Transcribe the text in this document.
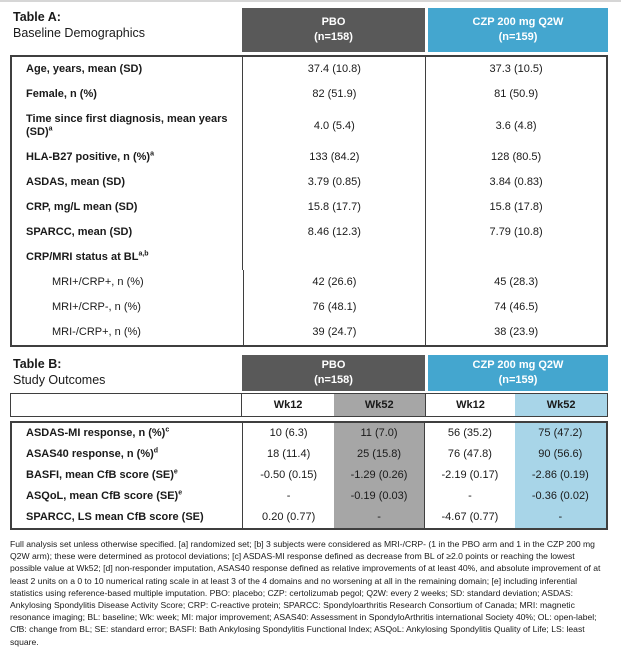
Table A:
Baseline Demographics
PBO
(n=158)
CZP 200 mg Q2W
(n=159)
Age, years, mean (SD)	37.4 (10.8)	37.3 (10.5)
Female, n (%)	82 (51.9)	81 (50.9)
Time since first diagnosis, mean years (SD)$^a$	4.0 (5.4)	3.6 (4.8)
HLA-B27 positive, n (%)$^a$	133 (84.2)	128 (80.5)
ASDAS, mean (SD)	3.79 (0.85)	3.84 (0.83)
CRP, mg/L mean (SD)	15.8 (17.7)	15.8 (17.8)
SPARCC, mean (SD)	8.46 (12.3)	7.79 (10.8)
CRP/MRI status at BL$^{a,b}$
MRI+/CRP+, n (%)	42 (26.6)	45 (28.3)
MRI+/CRP-, n (%)	76 (48.1)	74 (46.5)
MRI-/CRP+, n (%)	39 (24.7)	38 (23.9)
Table B:
Study Outcomes
PBO
(n=158)
CZP 200 mg Q2W
(n=159)
Wk12	Wk52	Wk12	Wk52
ASDAS-MI response, n (%)$^c$	10 (6.3)	11 (7.0)	56 (35.2)	75 (47.2)
ASAS40 response, n (%)$^d$	18 (11.4)	25 (15.8)	76 (47.8)	90 (56.6)
BASFI, mean CfB score (SE)$^e$	-0.50 (0.15)	-1.29 (0.26)	-2.19 (0.17)	-2.86 (0.19)
ASQoL, mean CfB score (SE)$^e$	-	-0.19 (0.03)	-	-0.36 (0.02)
SPARCC, LS mean CfB score (SE)	0.20 (0.77)	-	-4.67 (0.77)	-
Full analysis set unless otherwise specified. [a] randomized set; [b] 3 subjects were considered as MRI-/CRP- (1 in the PBO arm and 1 in the CZP 200 mg Q2W arm); these were determined as protocol deviations; [c] ASDAS-MI response defined as decrease from BL of ≥2.0 points or reaching the lowest possible value at Wk52; [d] non-responder imputation, ASAS40 response defined as relative improvements of at least 40%, and absolute improvement of at least 2 units on a 0 to 10 numerical rating scale in at least 3 of the 4 domains and no worsening at all in the remaining domain; [e] including inferential statistics using reference-based multiple imputation. PBO: placebo; CZP: certolizumab pegol; Q2W: every 2 weeks; SD: standard deviation; ASDAS: Ankylosing Spondylitis Disease Activity Score; CRP: C-reactive protein; SPARCC: Spondyloarthritis Research Consortium of Canada; MRI: magnetic resonance imaging; BL: baseline; Wk: week; MI: major improvement; ASAS40: Assessment in SpondyloArthritis international Society 40%; OL: open-label; CfB: change from BL; SE: standard error; BASFI: Bath Ankylosing Spondylitis Functional Index; ASQoL: Ankylosing Spondylitis Quality of Life; LS: least square.
